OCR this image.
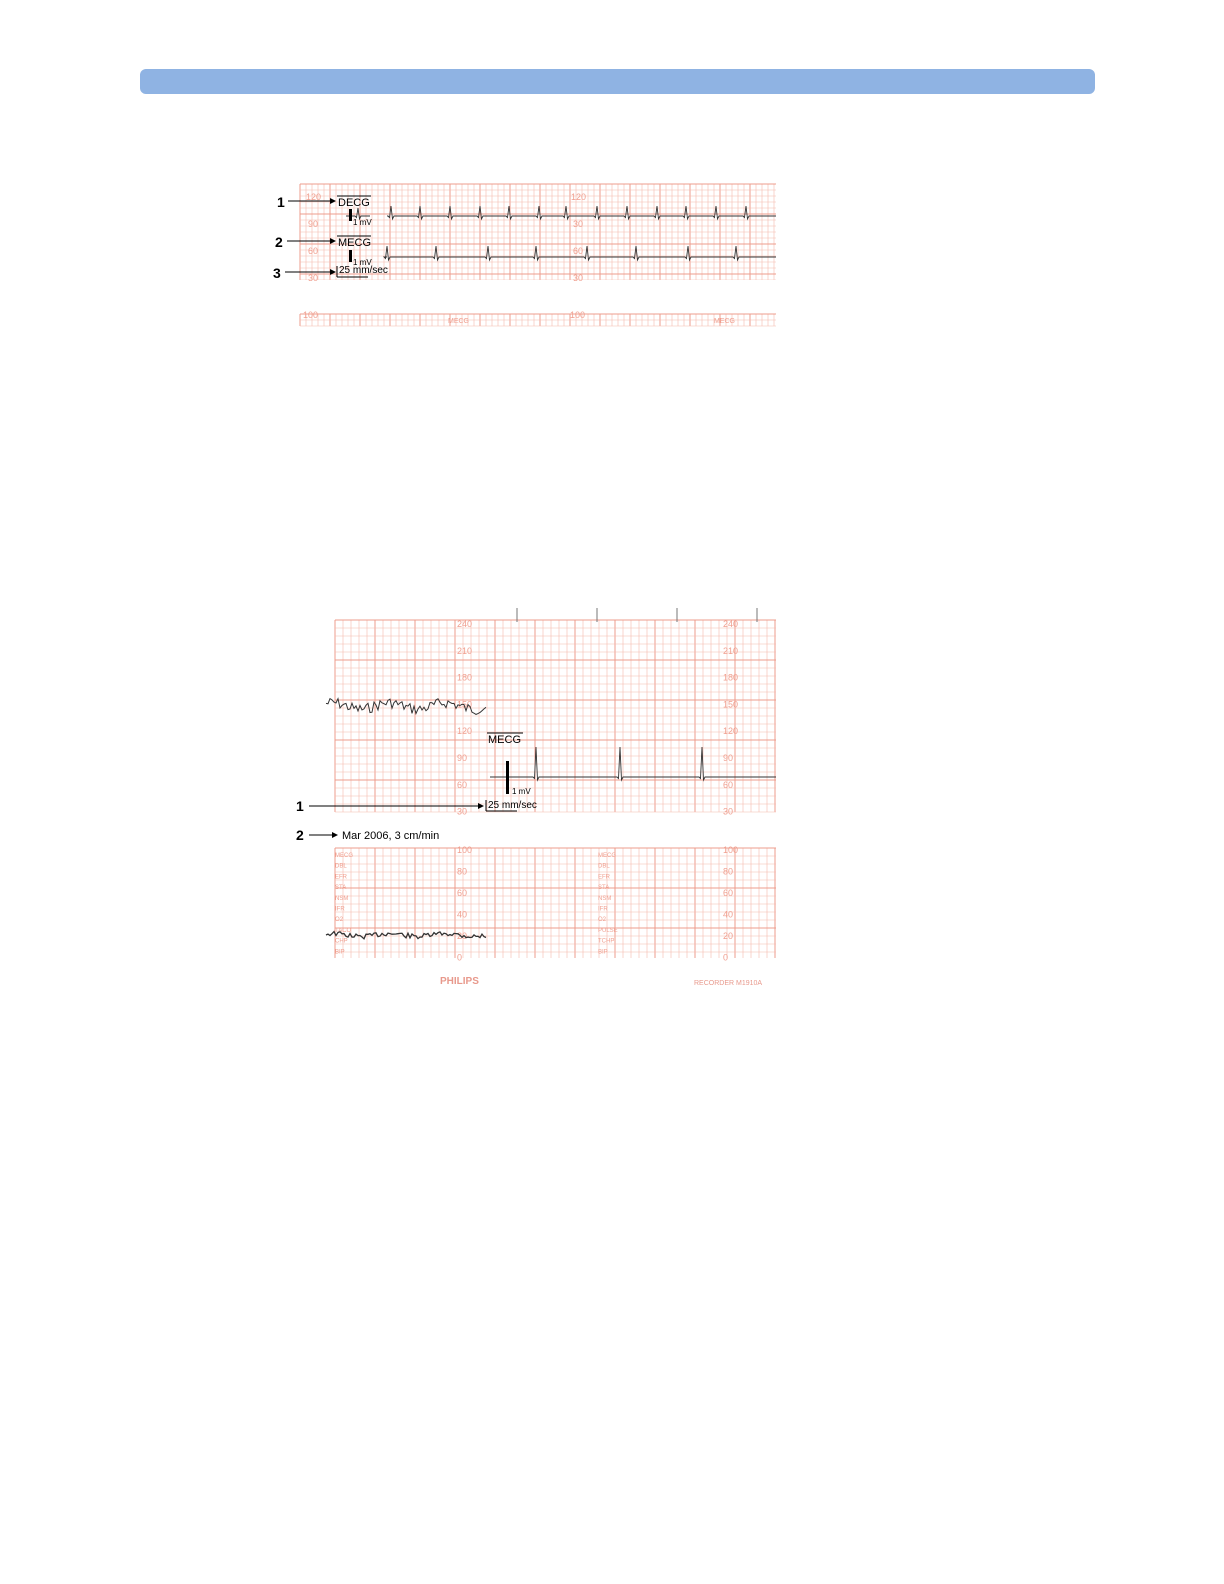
120
90
60
30
120
30
60
30
100	100
MECG	MECG
1	DECG
1 mV
2	MECG
1 mV
3	25 mm/sec
240
210
180
150
120
90
60
30
240
210
180
150
120
90
60
30
100
80
60
40
20
0
100
80
60
40
20
0
MECG
DBL
EFR
STA
NSM
IFR
O2
TACO
CHP
BIP
MECG
DBL
EFR
STA
NSM
IFR
O2
PULSE
TCHP
BIP
MECG
1 mV
1	25 mm/sec
2	Mar 2006, 3 cm/min
PHILIPS	RECORDER M1910A
